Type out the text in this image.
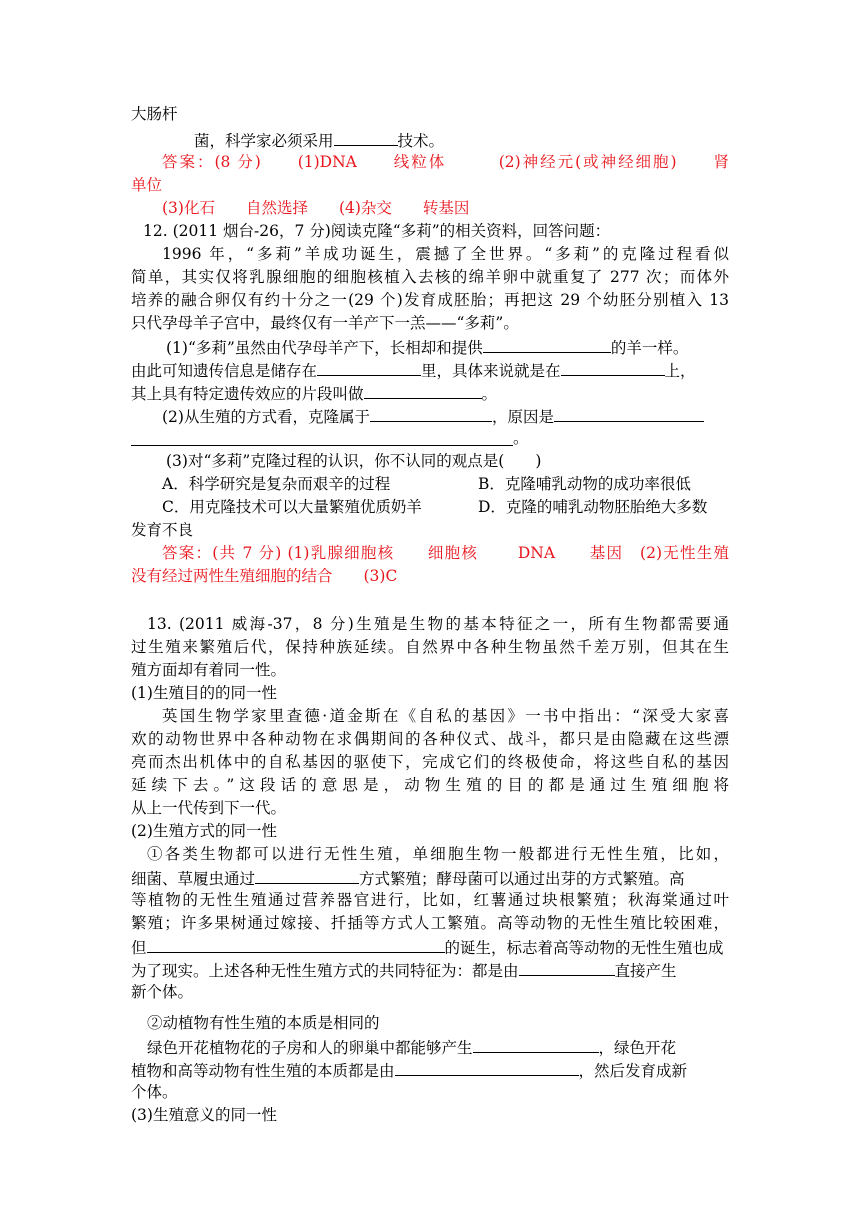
大肠杆
菌，科学家必须采用	技术。
答案：(8 分)　　(1)DNA　　线粒体　　　(2)神经元(或神经细胞)　　肾
单位
(3)化石　　自然选择　　(4)杂交　　转基因
12. (2011 烟台-26，7 分)阅读克隆“多莉”的相关资料，回答问题：
1996 年，“多莉”羊成功诞生，震撼了全世界。“多莉”的克隆过程看似
简单，其实仅将乳腺细胞的细胞核植入去核的绵羊卵中就重复了 277 次；而体外
培养的融合卵仅有约十分之一(29 个)发育成胚胎；再把这 29 个幼胚分别植入 13
只代孕母羊子宫中，最终仅有一羊产下一羔——“多莉”。
(1)“多莉”虽然由代孕母羊产下，长相却和提供	的羊一样。
由此可知遗传信息是储存在	里，具体来说就是在	上，
其上具有特定遗传效应的片段叫做	。
(2)从生殖的方式看，克隆属于	，原因是
。
(3)对“多莉”克隆过程的认识，你不认同的观点是(　　)
A．科学研究是复杂而艰辛的过程	B．克隆哺乳动物的成功率很低
C．用克隆技术可以大量繁殖优质奶羊	D．克隆的哺乳动物胚胎绝大多数
发育不良
答案：(共 7 分) (1)乳腺细胞核　　细胞核　　 DNA　　基因　(2)无性生殖
没有经过两性生殖细胞的结合　　(3)C
13. (2011 威海-37，8 分)生殖是生物的基本特征之一，所有生物都需要通
过生殖来繁殖后代，保持种族延续。自然界中各种生物虽然千差万别，但其在生
殖方面却有着同一性。
(1)生殖目的的同一性
英国生物学家里查德·道金斯在《自私的基因》一书中指出：“深受大家喜
欢的动物世界中各种动物在求偶期间的各种仪式、战斗，都只是由隐藏在这些漂
亮而杰出机体中的自私基因的驱使下，完成它们的终极使命，将这些自私的基因
延续下去。”这段话的意思是，动物生殖的目的都是通过生殖细胞将
从上一代传到下一代。
(2)生殖方式的同一性
①各类生物都可以进行无性生殖，单细胞生物一般都进行无性生殖，比如，
细菌、草履虫通过	方式繁殖；酵母菌可以通过出芽的方式繁殖。高
等植物的无性生殖通过营养器官进行，比如，红薯通过块根繁殖；秋海棠通过叶
繁殖；许多果树通过嫁接、扦插等方式人工繁殖。高等动物的无性生殖比较困难，
但	的诞生，标志着高等动物的无性生殖也成
为了现实。上述各种无性生殖方式的共同特征为：都是由	直接产生
新个体。
②动植物有性生殖的本质是相同的
绿色开花植物花的子房和人的卵巢中都能够产生	，绿色开花
植物和高等动物有性生殖的本质都是由	，然后发育成新
个体。
(3)生殖意义的同一性
